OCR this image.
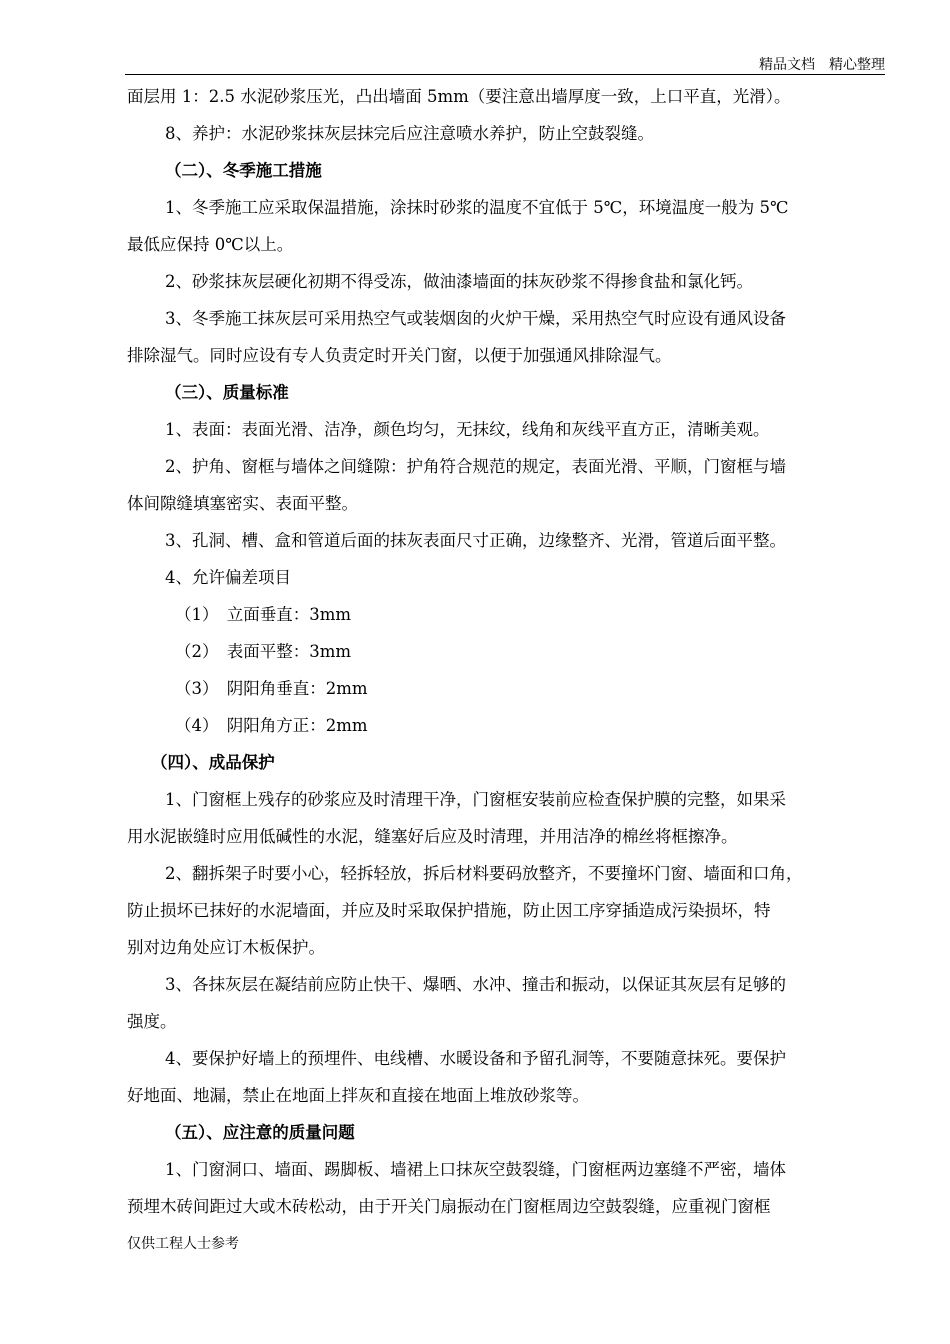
精品文档　精心整理
面层用 1：2.5 水泥砂浆压光，凸出墙面 5mm（要注意出墙厚度一致，上口平直，光滑）。
8、养护：水泥砂浆抹灰层抹完后应注意喷水养护，防止空鼓裂缝。
（二）、冬季施工措施
1、冬季施工应采取保温措施，涂抹时砂浆的温度不宜低于 5℃，环境温度一般为 5℃
最低应保持 0℃以上。
2、砂浆抹灰层硬化初期不得受冻，做油漆墙面的抹灰砂浆不得掺食盐和氯化钙。
3、冬季施工抹灰层可采用热空气或装烟囱的火炉干燥，采用热空气时应设有通风设备
排除湿气。同时应设有专人负责定时开关门窗，以便于加强通风排除湿气。
（三）、质量标准
1、表面：表面光滑、洁净，颜色均匀，无抹纹，线角和灰线平直方正，清晰美观。
2、护角、窗框与墙体之间缝隙：护角符合规范的规定，表面光滑、平顺，门窗框与墙
体间隙缝填塞密实、表面平整。
3、孔洞、槽、盒和管道后面的抹灰表面尺寸正确，边缘整齐、光滑，管道后面平整。
4、允许偏差项目
（1）　立面垂直：3mm
（2）　表面平整：3mm
（3）　阴阳角垂直：2mm
（4）　阴阳角方正：2mm
（四）、成品保护
1、门窗框上残存的砂浆应及时清理干净，门窗框安装前应检查保护膜的完整，如果采
用水泥嵌缝时应用低碱性的水泥，缝塞好后应及时清理，并用洁净的棉丝将框擦净。
2、翻拆架子时要小心，轻拆轻放，拆后材料要码放整齐，不要撞坏门窗、墙面和口角，
防止损坏已抹好的水泥墙面，并应及时采取保护措施，防止因工序穿插造成污染损坏，特
别对边角处应订木板保护。
3、各抹灰层在凝结前应防止快干、爆晒、水冲、撞击和振动，以保证其灰层有足够的
强度。
4、要保护好墙上的预埋件、电线槽、水暖设备和予留孔洞等，不要随意抹死。要保护
好地面、地漏，禁止在地面上拌灰和直接在地面上堆放砂浆等。
（五）、应注意的质量问题
1、门窗洞口、墙面、踢脚板、墙裙上口抹灰空鼓裂缝，门窗框两边塞缝不严密，墙体
预埋木砖间距过大或木砖松动，由于开关门扇振动在门窗框周边空鼓裂缝，应重视门窗框
仅供工程人士参考
